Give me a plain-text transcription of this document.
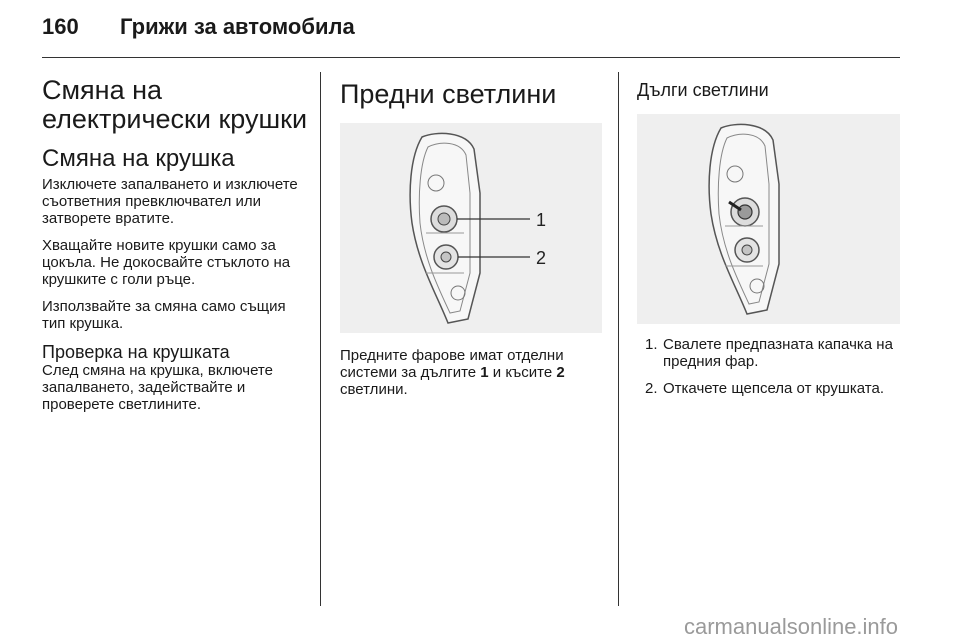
160 Грижи за автомобила
Смяна на електрически крушки
Смяна на крушка

Изключете запалването и изключете съответния превключвател или затворете вратите.

Хващайте новите крушки само за цокъла. Не докосвайте стъклото на крушките с голи ръце.

Използвайте за смяна само същия тип крушка.

Проверка на крушката

След смяна на крушка, включете запалването, задействайте и проверете светлините.

Предни светлини
1
2

Предните фарове имат отделни системи за дългите 1 и късите 2 светлини.

Дълги светлини
1. Свалете предпазната капачка на предния фар.
2. Откачете щепсела от крушката.
carmanualsonline.info
